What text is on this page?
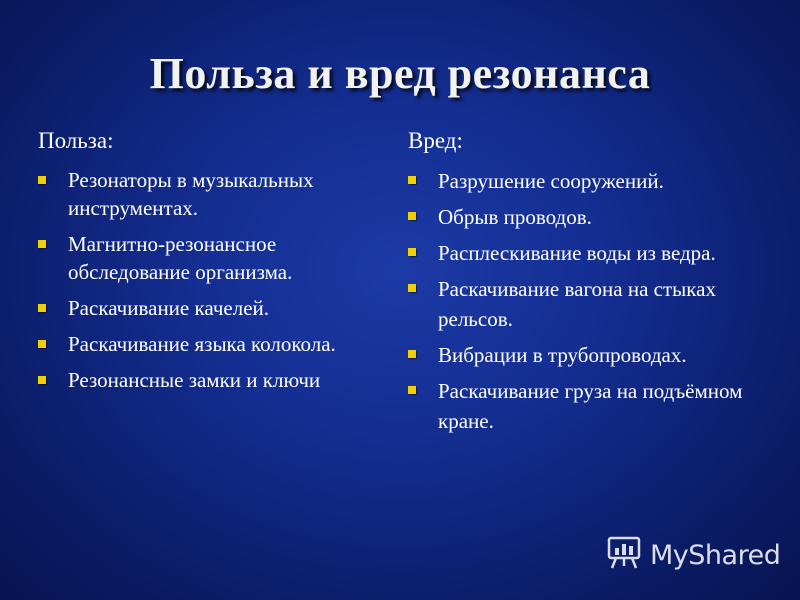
Польза и вред резонанса
Польза:
Резонаторы в музыкальных инструментах.
Магнитно-резонансное обследование организма.
Раскачивание качелей.
Раскачивание языка колокола.
Резонансные замки и ключи
Вред:
Разрушение сооружений.
Обрыв проводов.
Расплескивание воды из ведра.
Раскачивание вагона на стыках рельсов.
Вибрации в трубопроводах.
Раскачивание груза на подъёмном кране.
MyShared
